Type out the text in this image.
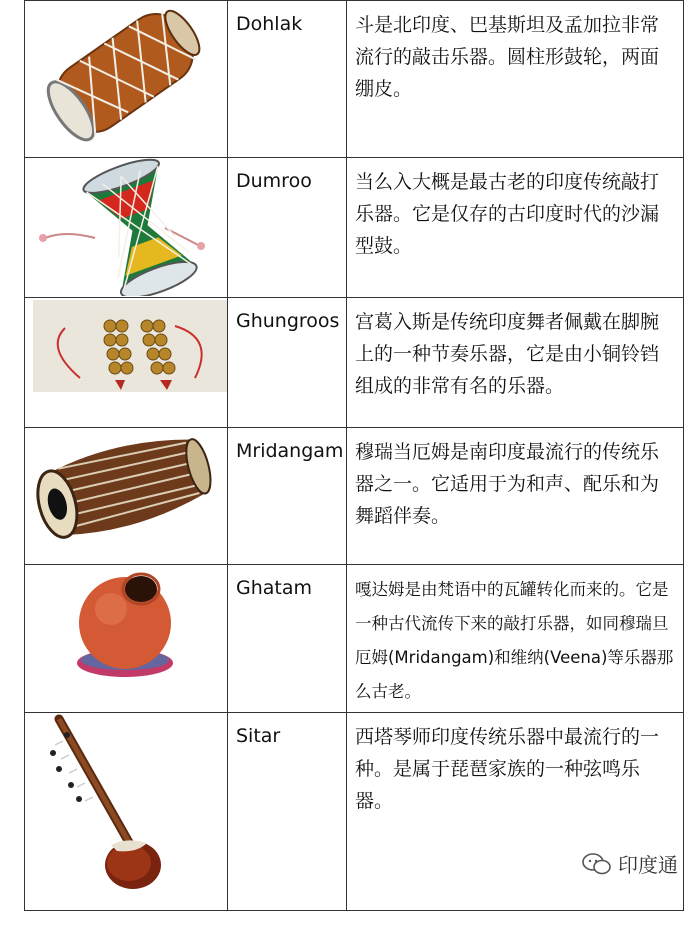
Dohlak	斗是北印度、巴基斯坦及孟加拉非常流行的敲击乐器。圆柱形鼓轮，两面绷皮。

Dumroo	当么入大概是最古老的印度传统敲打乐器。它是仅存的古印度时代的沙漏型鼓。

Ghungroos	宫葛入斯是传统印度舞者佩戴在脚腕上的一种节奏乐器，它是由小铜铃铛组成的非常有名的乐器。

Mridangam	穆瑞当厄姆是南印度最流行的传统乐器之一。它适用于为和声、配乐和为舞蹈伴奏。

Ghatam	嘎达姆是由梵语中的瓦罐转化而来的。它是一种古代流传下来的敲打乐器，如同穆瑞旦厄姆(Mridangam)和维纳(Veena)等乐器那么古老。

Sitar	西塔琴师印度传统乐器中最流行的一种。是属于琵琶家族的一种弦鸣乐器。
印度通
